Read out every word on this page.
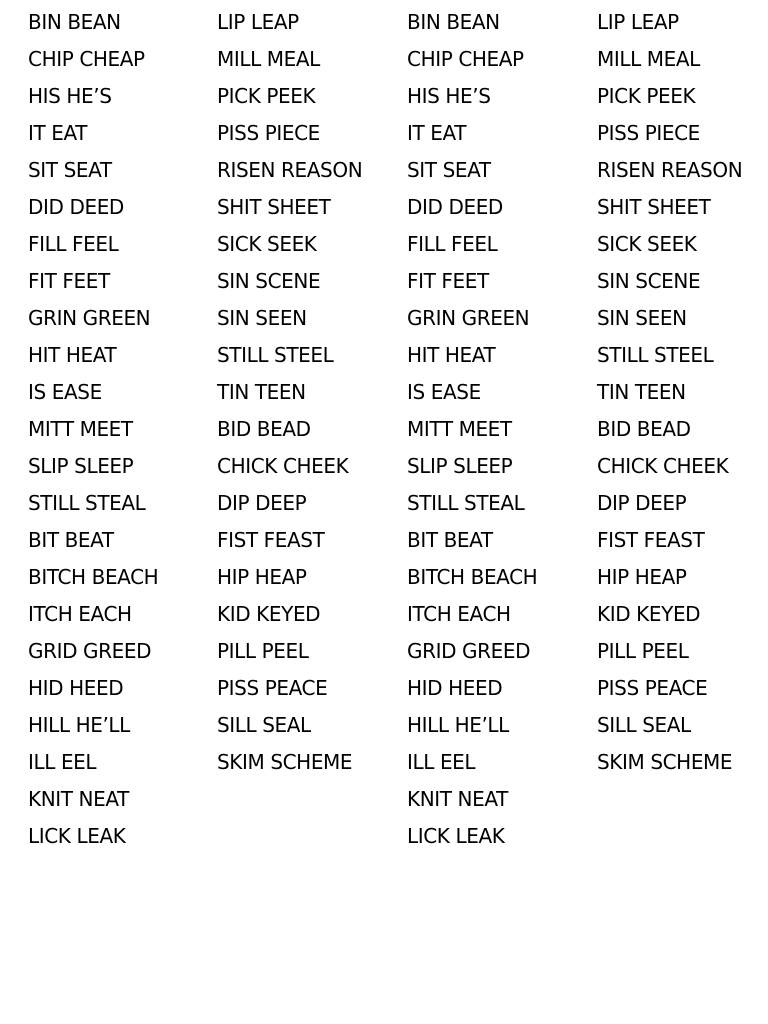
BIN BEAN
CHIP CHEAP
HIS HE’S
IT EAT
SIT SEAT
DID DEED
FILL FEEL
FIT FEET
GRIN GREEN
HIT HEAT
IS EASE
MITT MEET
SLIP SLEEP
STILL STEAL
BIT BEAT
BITCH BEACH
ITCH EACH
GRID GREED
HID HEED
HILL HE’LL
ILL EEL
KNIT NEAT
LICK LEAK
LIP LEAP
MILL MEAL
PICK PEEK
PISS PIECE
RISEN REASON
SHIT SHEET
SICK SEEK
SIN SCENE
SIN SEEN
STILL STEEL
TIN TEEN
BID BEAD
CHICK CHEEK
DIP DEEP
FIST FEAST
HIP HEAP
KID KEYED
PILL PEEL
PISS PEACE
SILL SEAL
SKIM SCHEME
BIN BEAN
CHIP CHEAP
HIS HE’S
IT EAT
SIT SEAT
DID DEED
FILL FEEL
FIT FEET
GRIN GREEN
HIT HEAT
IS EASE
MITT MEET
SLIP SLEEP
STILL STEAL
BIT BEAT
BITCH BEACH
ITCH EACH
GRID GREED
HID HEED
HILL HE’LL
ILL EEL
KNIT NEAT
LICK LEAK
LIP LEAP
MILL MEAL
PICK PEEK
PISS PIECE
RISEN REASON
SHIT SHEET
SICK SEEK
SIN SCENE
SIN SEEN
STILL STEEL
TIN TEEN
BID BEAD
CHICK CHEEK
DIP DEEP
FIST FEAST
HIP HEAP
KID KEYED
PILL PEEL
PISS PEACE
SILL SEAL
SKIM SCHEME
